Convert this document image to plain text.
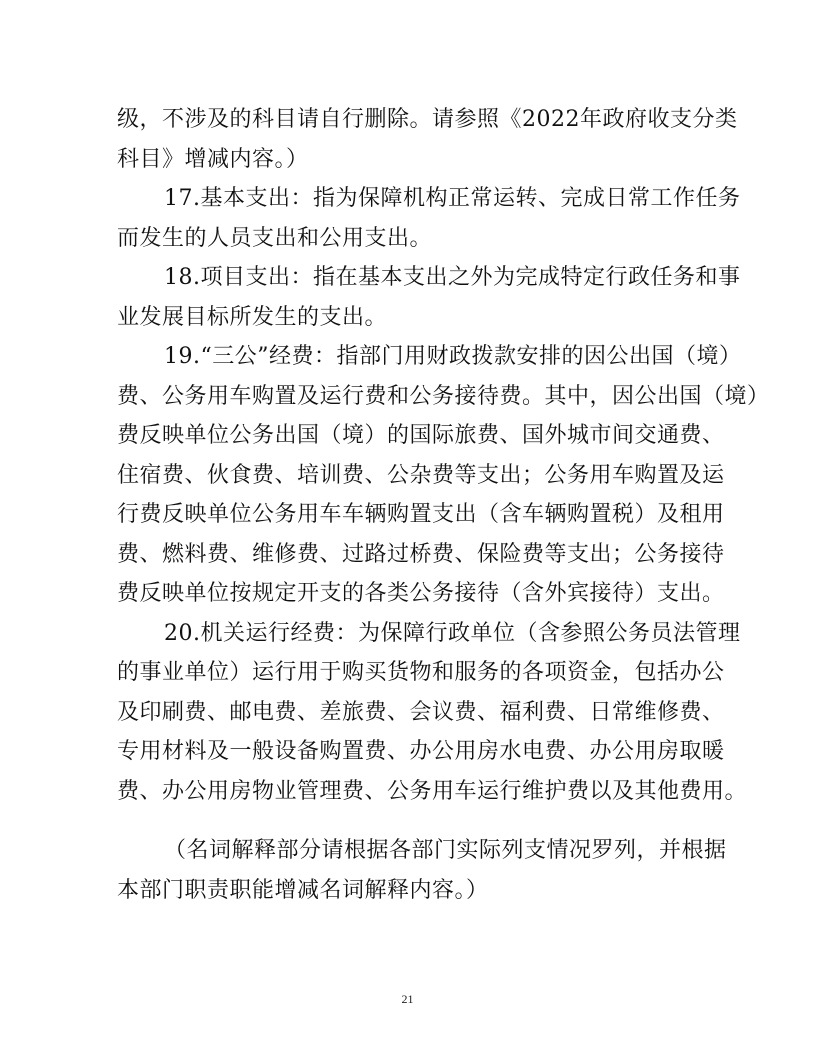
级，不涉及的科目请自行删除。请参照《2022年政府收支分类
科目》增减内容。）
17.基本支出：指为保障机构正常运转、完成日常工作任务
而发生的人员支出和公用支出。
18.项目支出：指在基本支出之外为完成特定行政任务和事
业发展目标所发生的支出。
19.“三公”经费：指部门用财政拨款安排的因公出国（境）
费、公务用车购置及运行费和公务接待费。其中，因公出国（境）
费反映单位公务出国（境）的国际旅费、国外城市间交通费、
住宿费、伙食费、培训费、公杂费等支出；公务用车购置及运
行费反映单位公务用车车辆购置支出（含车辆购置税）及租用
费、燃料费、维修费、过路过桥费、保险费等支出；公务接待
费反映单位按规定开支的各类公务接待（含外宾接待）支出。
20.机关运行经费：为保障行政单位（含参照公务员法管理
的事业单位）运行用于购买货物和服务的各项资金，包括办公
及印刷费、邮电费、差旅费、会议费、福利费、日常维修费、
专用材料及一般设备购置费、办公用房水电费、办公用房取暖
费、办公用房物业管理费、公务用车运行维护费以及其他费用。
（名词解释部分请根据各部门实际列支情况罗列，并根据
本部门职责职能增减名词解释内容。）
21
